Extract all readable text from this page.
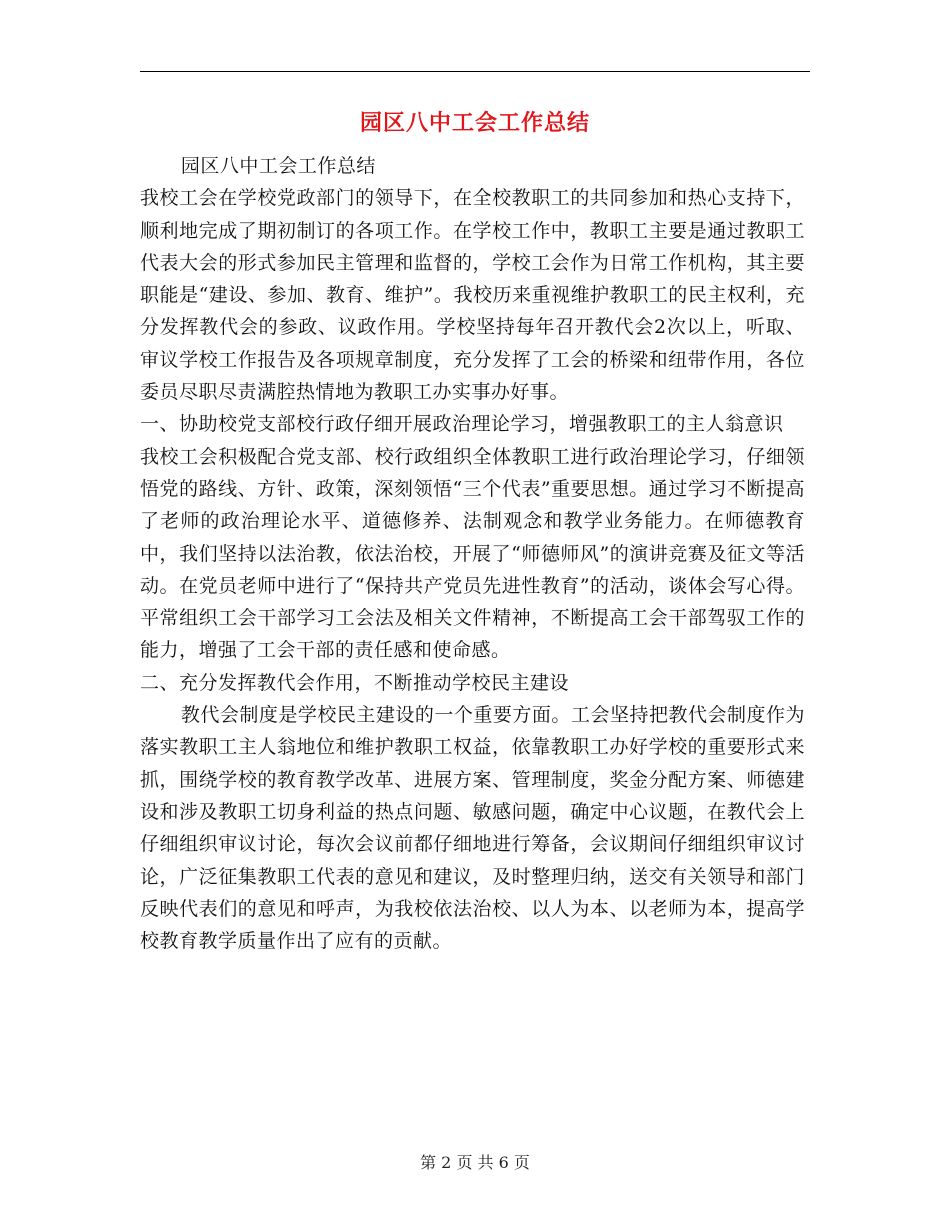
园区八中工会工作总结

园区八中工会工作总结

我校工会在学校党政部门的领导下，在全校教职工的共同参加和热心支持下，顺利地完成了期初制订的各项工作。在学校工作中，教职工主要是通过教职工代表大会的形式参加民主管理和监督的，学校工会作为日常工作机构，其主要职能是“建设、参加、教育、维护”。我校历来重视维护教职工的民主权利，充分发挥教代会的参政、议政作用。学校坚持每年召开教代会2次以上，听取、审议学校工作报告及各项规章制度，充分发挥了工会的桥梁和纽带作用，各位委员尽职尽责满腔热情地为教职工办实事办好事。

一、协助校党支部校行政仔细开展政治理论学习，增强教职工的主人翁意识

我校工会积极配合党支部、校行政组织全体教职工进行政治理论学习，仔细领悟党的路线、方针、政策，深刻领悟“三个代表”重要思想。通过学习不断提高了老师的政治理论水平、道德修养、法制观念和教学业务能力。在师德教育中，我们坚持以法治教，依法治校，开展了“师德师风”的演讲竞赛及征文等活动。在党员老师中进行了“保持共产党员先进性教育”的活动，谈体会写心得。平常组织工会干部学习工会法及相关文件精神，不断提高工会干部驾驭工作的能力，增强了工会干部的责任感和使命感。

二、充分发挥教代会作用，不断推动学校民主建设

教代会制度是学校民主建设的一个重要方面。工会坚持把教代会制度作为落实教职工主人翁地位和维护教职工权益，依靠教职工办好学校的重要形式来抓，围绕学校的教育教学改革、进展方案、管理制度，奖金分配方案、师德建设和涉及教职工切身利益的热点问题、敏感问题，确定中心议题，在教代会上仔细组织审议讨论，每次会议前都仔细地进行筹备，会议期间仔细组织审议讨论，广泛征集教职工代表的意见和建议，及时整理归纳，送交有关领导和部门反映代表们的意见和呼声，为我校依法治校、以人为本、以老师为本，提高学校教育教学质量作出了应有的贡献。

第 2 页 共 6 页
